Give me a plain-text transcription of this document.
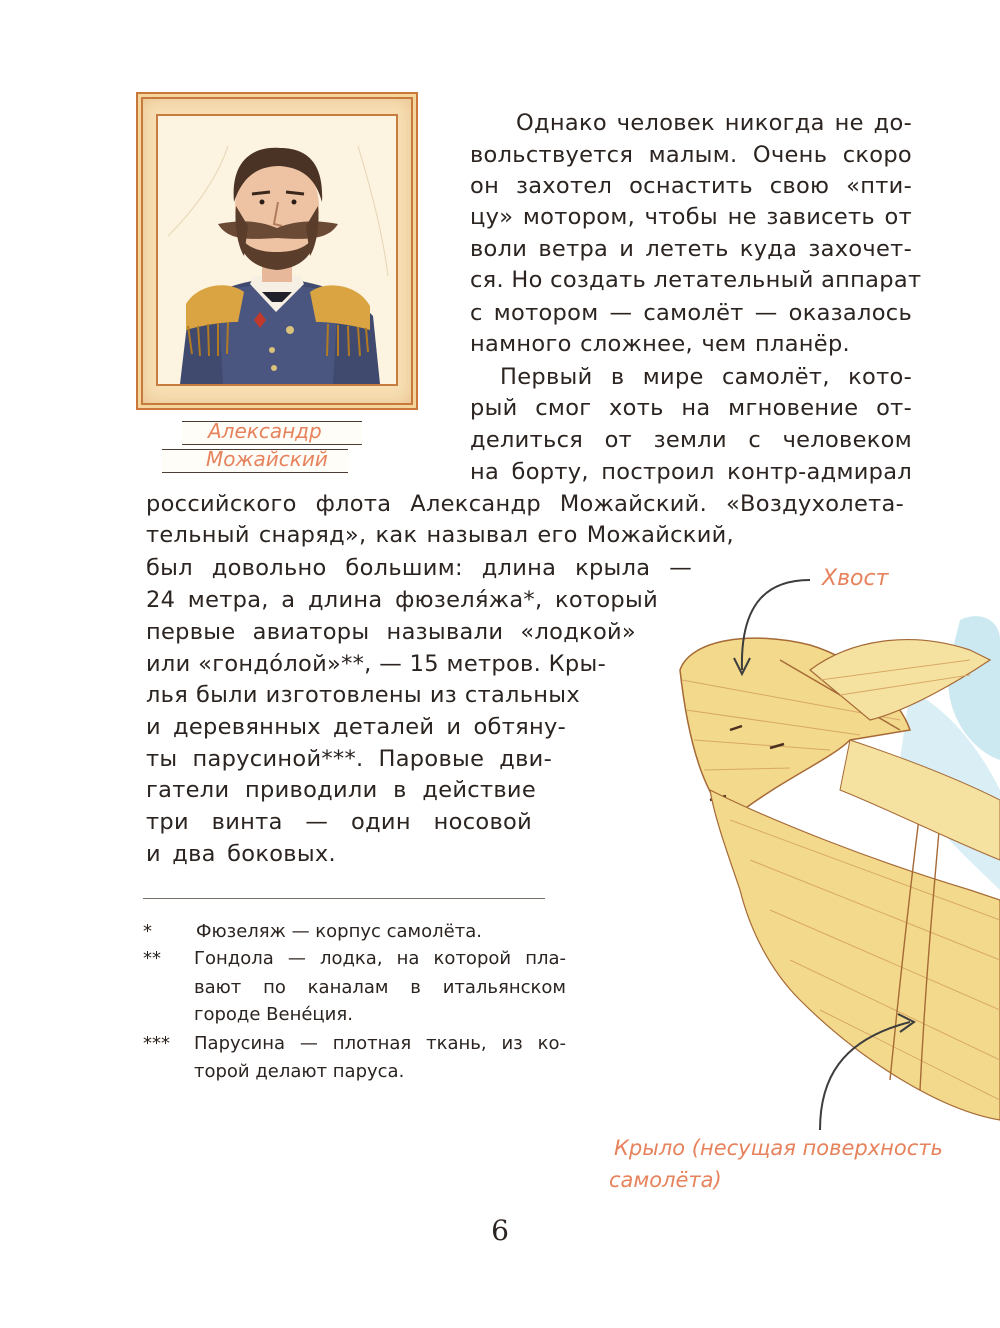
Александр
Можайский

Однако человек никогда не до-

вольствуется малым. Очень скоро

он захотел оснастить свою «пти-

цу» мотором, чтобы не зависеть от

воли ветра и лететь куда захочет-

ся. Но создать летательный аппарат

с мотором — самолёт — оказалось

намного сложнее, чем планёр.

Первый в мире самолёт, кото-

рый смог хоть на мгновение от-

делиться от земли с человеком

на борту, построил контр-адмирал

российского флота Александр Можайский. «Воздухолета-

тельный снаряд», как называл его Можайский,

был довольно большим: длина крыла —

24 метра, а длина фюзеля́жа*, который

первые авиаторы называли «лодкой»

или «гондо́лой»**, — 15 метров. Кры-

лья были изготовлены из стальных

и деревянных деталей и обтяну-

ты парусиной***. Паровые дви-

гатели приводили в действие

три винта — один носовой

и два боковых.

* Фюзеляж — корпус самолёта.
** Гондола — лодка, на которой пла-
вают по каналам в итальянском
городе Вене́ция.
*** Парусина — плотная ткань, из ко-
торой делают паруса.
Хвост
Крыло (несущая поверхность
самолёта)
6
